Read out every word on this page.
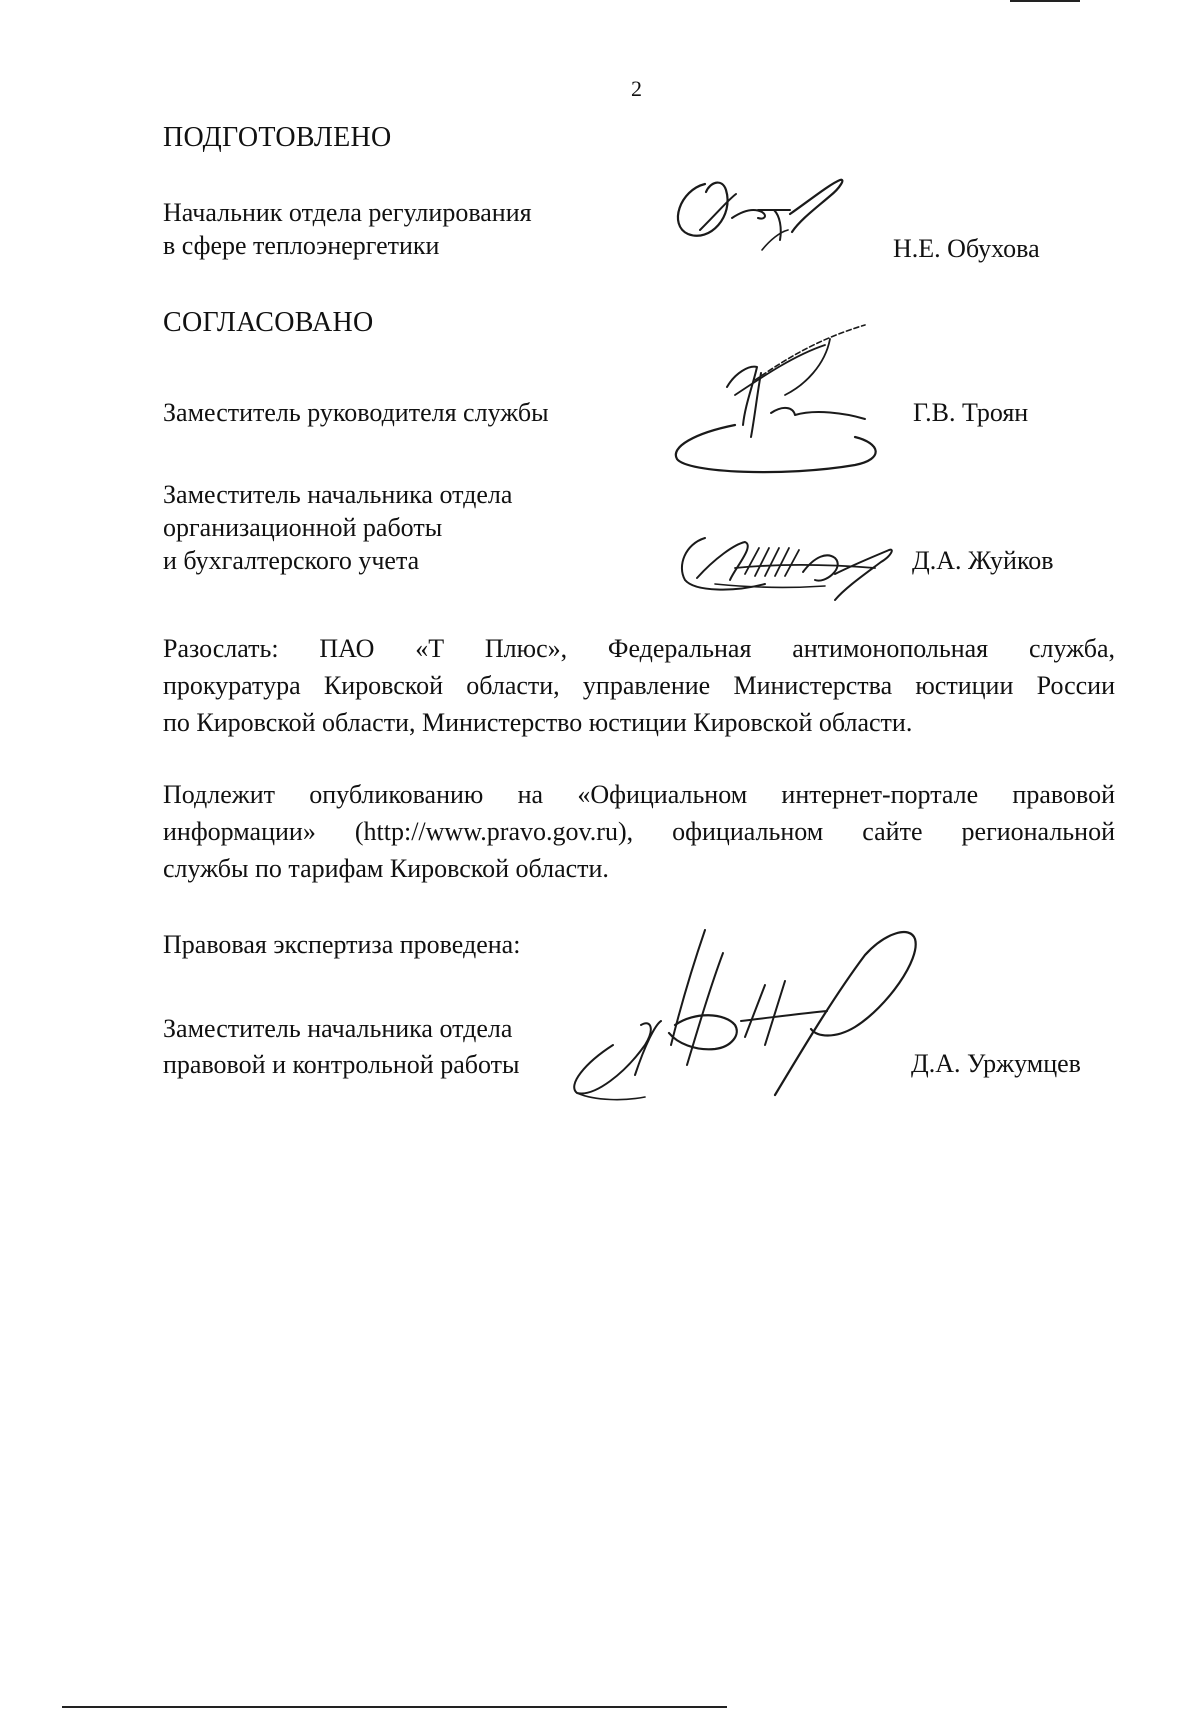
2
ПОДГОТОВЛЕНО
Начальник отдела регулирования
в сфере теплоэнергетики	Н.Е. Обухова
СОГЛАСОВАНО
Заместитель руководителя службы	Г.В. Троян
Заместитель начальника отдела
организационной работы
и бухгалтерского учета	Д.А. Жуйков
Разослать: ПАО «Т Плюс», Федеральная антимонопольная служба,
прокуратура Кировской области, управление Министерства юстиции России
по Кировской области, Министерство юстиции Кировской области.
Подлежит опубликованию на «Официальном интернет-портале правовой
информации» (http://www.pravo.gov.ru), официальном сайте региональной
службы по тарифам Кировской области.
Правовая экспертиза проведена:
Заместитель начальника отдела
правовой и контрольной работы	Д.А. Уржумцев
